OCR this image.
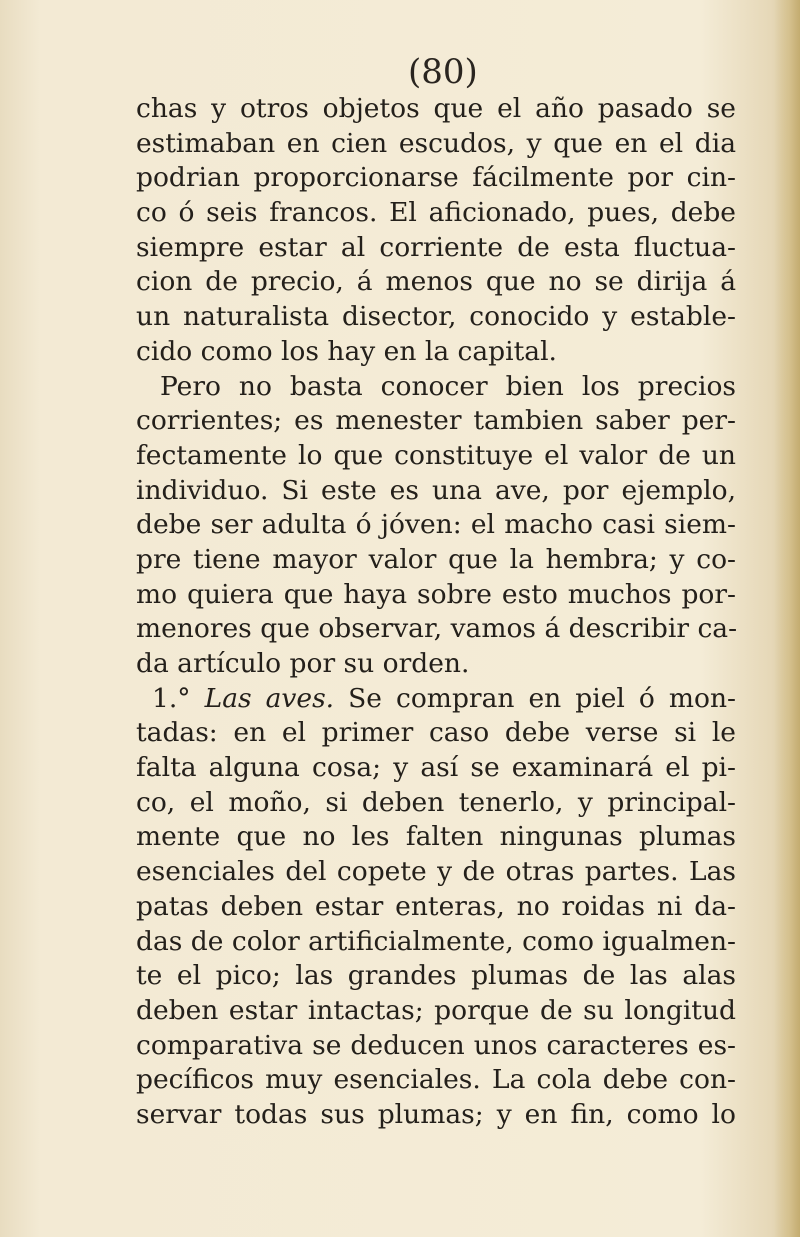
(80)
chas y otros objetos que el año pasado se
estimaban en cien escudos, y que en el dia
podrian proporcionarse fácilmente por cin-
co ó seis francos. El aficionado, pues, debe
siempre estar al corriente de esta fluctua-
cion de precio, á menos que no se dirija á
un naturalista disector, conocido y estable-
cido como los hay en la capital.
Pero no basta conocer bien los precios
corrientes; es menester tambien saber per-
fectamente lo que constituye el valor de un
individuo. Si este es una ave, por ejemplo,
debe ser adulta ó jóven: el macho casi siem-
pre tiene mayor valor que la hembra; y co-
mo quiera que haya sobre esto muchos por-
menores que observar, vamos á describir ca-
da artículo por su orden.
1.° Las aves. Se compran en piel ó mon-
tadas: en el primer caso debe verse si le
falta alguna cosa; y así se examinará el pi-
co, el moño, si deben tenerlo, y principal-
mente que no les falten ningunas plumas
esenciales del copete y de otras partes. Las
patas deben estar enteras, no roidas ni da-
das de color artificialmente, como igualmen-
te el pico; las grandes plumas de las alas
deben estar intactas; porque de su longitud
comparativa se deducen unos caracteres es-
pecíficos muy esenciales. La cola debe con-
servar todas sus plumas; y en fin, como lo
